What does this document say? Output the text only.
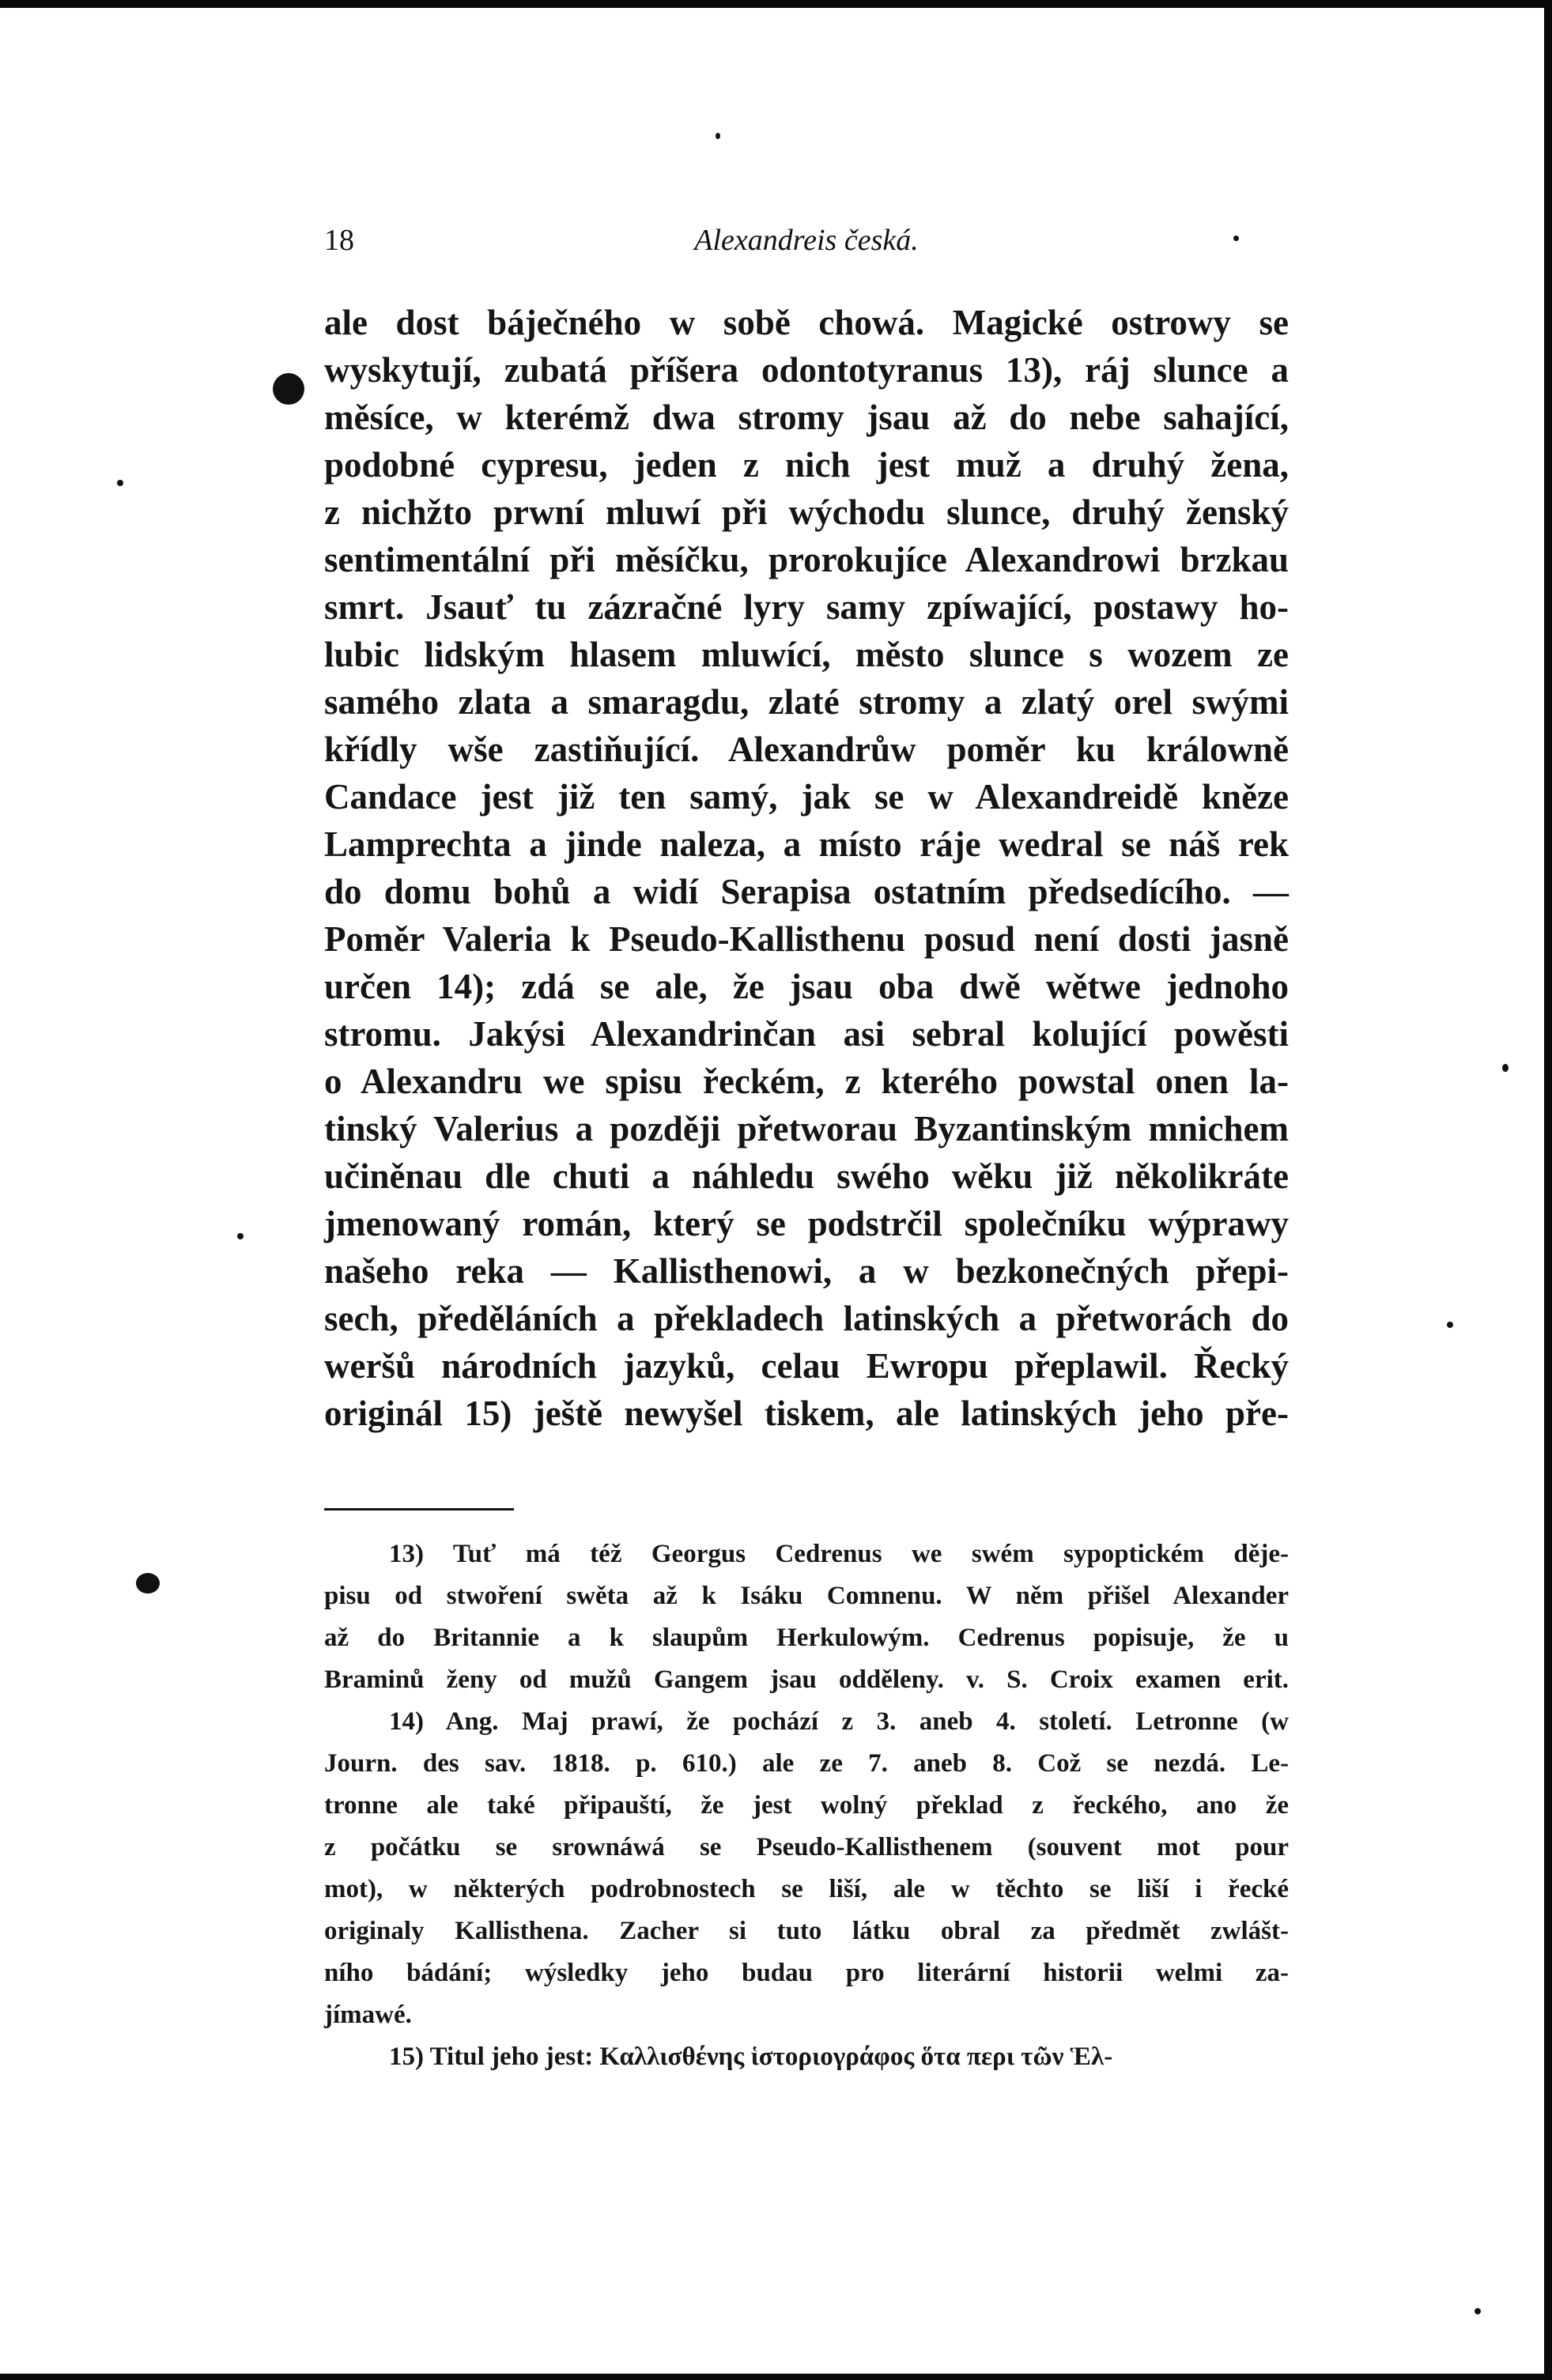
18	Alexandreis česká.
ale dost báječného w sobě chowá. Magické ostrowy se
wyskytují, zubatá příšera odontotyranus 13), ráj slunce a
měsíce, w kterémž dwa stromy jsau až do nebe sahající,
podobné cypresu, jeden z nich jest muž a druhý žena,
z nichžto prwní mluwí při wýchodu slunce, druhý ženský
sentimentální při měsíčku, prorokujíce Alexandrowi brzkau
smrt. Jsauť tu zázračné lyry samy zpíwající, postawy ho-
lubic lidským hlasem mluwící, město slunce s wozem ze
samého zlata a smaragdu, zlaté stromy a zlatý orel swými
křídly wše zastiňující. Alexandrůw poměr ku králowně
Candace jest již ten samý, jak se w Alexandreidě kněze
Lamprechta a jinde naleza, a místo ráje wedral se náš rek
do domu bohů a widí Serapisa ostatním předsedícího. —
Poměr Valeria k Pseudo-Kallisthenu posud není dosti jasně
určen 14); zdá se ale, že jsau oba dwě wětwe jednoho
stromu. Jakýsi Alexandrinčan asi sebral kolující powěsti
o Alexandru we spisu řeckém, z kterého powstal onen la-
tinský Valerius a později přetworau Byzantinským mnichem
učiněnau dle chuti a náhledu swého wěku již několikráte
jmenowaný román, který se podstrčil společníku wýprawy
našeho reka — Kallisthenowi, a w bezkonečných přepi-
sech, předěláních a překladech latinských a přetworách do
weršů národních jazyků, celau Ewropu přeplawil. Řecký
originál 15) ještě newyšel tiskem, ale latinských jeho pře-
13) Tuť má též Georgus Cedrenus we swém sypoptickém děje-
pisu od stwoření swěta až k Isáku Comnenu. W něm přišel Alexander
až do Britannie a k slaupům Herkulowým. Cedrenus popisuje, že u
Braminů ženy od mužů Gangem jsau odděleny. v. S. Croix examen erit.
14) Ang. Maj prawí, že pochází z 3. aneb 4. století. Letronne (w
Journ. des sav. 1818. p. 610.) ale ze 7. aneb 8. Což se nezdá. Le-
tronne ale také připauští, že jest wolný překlad z řeckého, ano že
z počátku se srownáwá se Pseudo-Kallisthenem (souvent mot pour
mot), w některých podrobnostech se liší, ale w těchto se liší i řecké
originaly Kallisthena. Zacher si tuto látku obral za předmět zwlášt-
ního bádání; wýsledky jeho budau pro literární historii welmi za-
jímawé.
15) Titul jeho jest: Καλλισθένης ἱστοριογράφος ὅτα περι τῶν Ἑλ-
